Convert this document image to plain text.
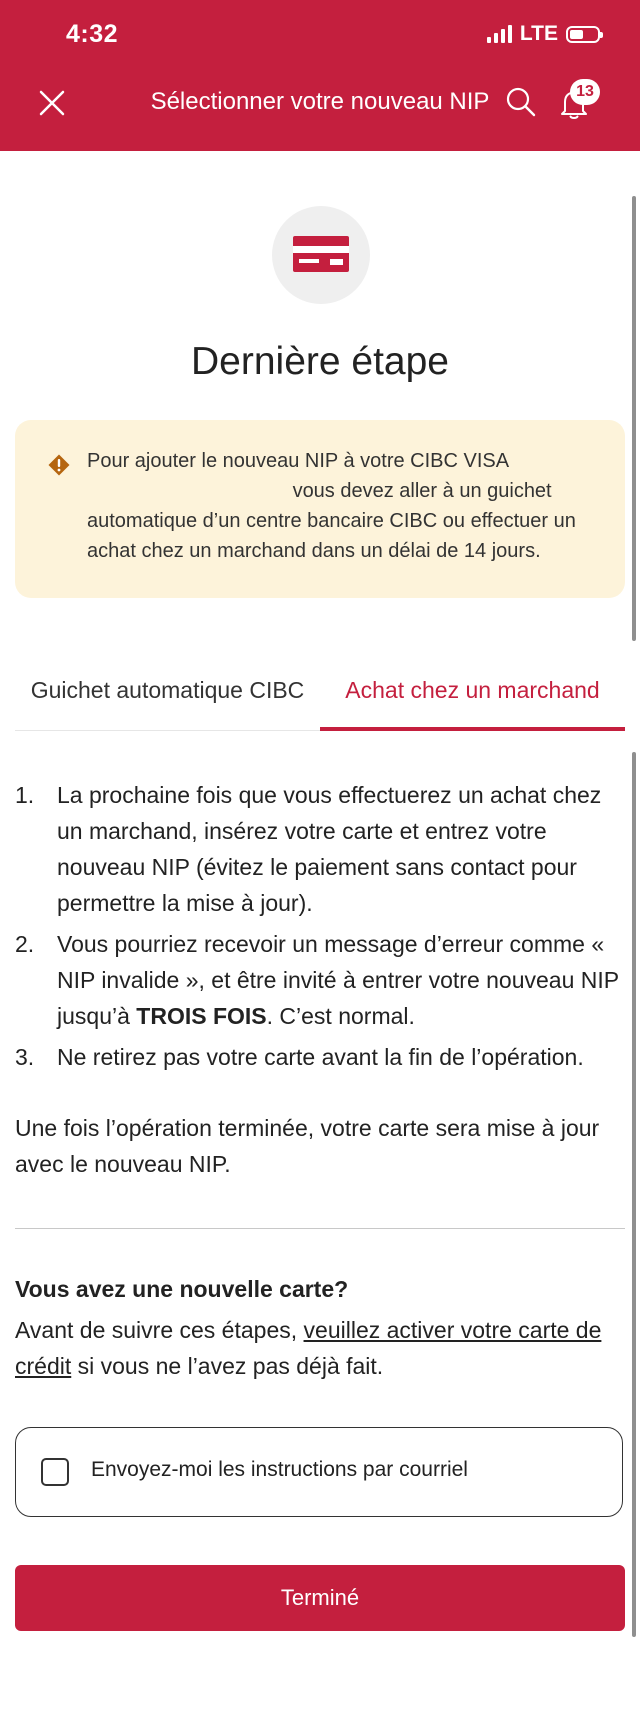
4:32	LTE
Sélectionner votre nouveau NIP	13
Dernière étape
Pour ajouter le nouveau NIP à votre CIBC VISA
vous devez aller à un guichet automatique d’un centre bancaire CIBC ou effectuer un achat chez un marchand dans un délai de 14 jours.
Guichet automatique CIBC Achat chez un marchand
1. La prochaine fois que vous effectuerez un achat chez un marchand, insérez votre carte et entrez votre nouveau NIP (évitez le paiement sans contact pour permettre la mise à jour).
2. Vous pourriez recevoir un message d’erreur comme « NIP invalide », et être invité à entrer votre nouveau NIP jusqu’à TROIS FOIS. C’est normal.
3. Ne retirez pas votre carte avant la fin de l’opération.
Une fois l’opération terminée, votre carte sera mise à jour avec le nouveau NIP.
Vous avez une nouvelle carte?
Avant de suivre ces étapes, veuillez activer votre carte de crédit si vous ne l’avez pas déjà fait.
Envoyez-moi les instructions par courriel
Terminé
